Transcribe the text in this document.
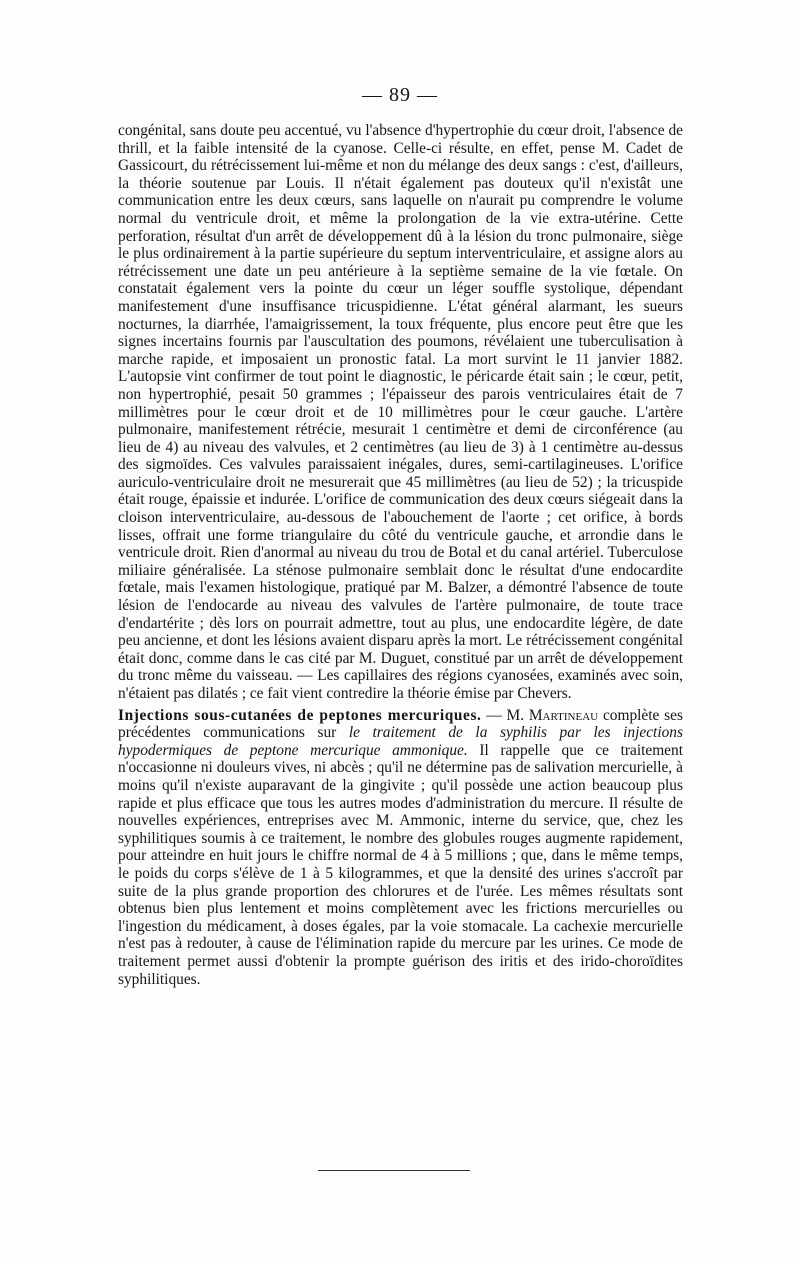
— 89 —

congénital, sans doute peu accentué, vu l'absence d'hypertrophie du cœur droit, l'absence de thrill, et la faible intensité de la cyanose. Celle-ci résulte, en effet, pense M. Cadet de Gassicourt, du rétrécissement lui-même et non du mélange des deux sangs : c'est, d'ailleurs, la théorie soutenue par Louis. Il n'était également pas douteux qu'il n'existât une communication entre les deux cœurs, sans laquelle on n'aurait pu comprendre le volume normal du ventricule droit, et même la prolongation de la vie extra-utérine. Cette perforation, résultat d'un arrêt de développement dû à la lésion du tronc pulmonaire, siège le plus ordinairement à la partie supérieure du septum interventriculaire, et assigne alors au rétrécissement une date un peu antérieure à la septième semaine de la vie fœtale. On constatait également vers la pointe du cœur un léger souffle systolique, dépendant manifestement d'une insuffisance tricuspidienne. L'état général alarmant, les sueurs nocturnes, la diarrhée, l'amaigrissement, la toux fréquente, plus encore peut être que les signes incertains fournis par l'auscultation des poumons, révélaient une tuberculisation à marche rapide, et imposaient un pronostic fatal. La mort survint le 11 janvier 1882. L'autopsie vint confirmer de tout point le diagnostic, le péricarde était sain ; le cœur, petit, non hypertrophié, pesait 50 grammes ; l'épaisseur des parois ventriculaires était de 7 millimètres pour le cœur droit et de 10 millimètres pour le cœur gauche. L'artère pulmonaire, manifestement rétrécie, mesurait 1 centimètre et demi de circonférence (au lieu de 4) au niveau des valvules, et 2 centimètres (au lieu de 3) à 1 centimètre au-dessus des sigmoïdes. Ces valvules paraissaient inégales, dures, semi-cartilagineuses. L'orifice auriculo-ventriculaire droit ne mesurerait que 45 millimètres (au lieu de 52) ; la tricuspide était rouge, épaissie et indurée. L'orifice de communication des deux cœurs siégeait dans la cloison interventriculaire, au-dessous de l'abouchement de l'aorte ; cet orifice, à bords lisses, offrait une forme triangulaire du côté du ventricule gauche, et arrondie dans le ventricule droit. Rien d'anormal au niveau du trou de Botal et du canal artériel. Tuberculose miliaire généralisée. La sténose pulmonaire semblait donc le résultat d'une endocardite fœtale, mais l'examen histologique, pratiqué par M. Balzer, a démontré l'absence de toute lésion de l'endocarde au niveau des valvules de l'artère pulmonaire, de toute trace d'endartérite ; dès lors on pourrait admettre, tout au plus, une endocardite légère, de date peu ancienne, et dont les lésions avaient disparu après la mort. Le rétrécissement congénital était donc, comme dans le cas cité par M. Duguet, constitué par un arrêt de développement du tronc même du vaisseau. — Les capillaires des régions cyanosées, examinés avec soin, n'étaient pas dilatés ; ce fait vient contredire la théorie émise par Chevers.

Injections sous-cutanées de peptones mercuriques. — M. Martineau complète ses précédentes communications sur le traitement de la syphilis par les injections hypodermiques de peptone mercurique ammonique. Il rappelle que ce traitement n'occasionne ni douleurs vives, ni abcès ; qu'il ne détermine pas de salivation mercurielle, à moins qu'il n'existe auparavant de la gingivite ; qu'il possède une action beaucoup plus rapide et plus efficace que tous les autres modes d'administration du mercure. Il résulte de nouvelles expériences, entreprises avec M. Ammonic, interne du service, que, chez les syphilitiques soumis à ce traitement, le nombre des globules rouges augmente rapidement, pour atteindre en huit jours le chiffre normal de 4 à 5 millions ; que, dans le même temps, le poids du corps s'élève de 1 à 5 kilogrammes, et que la densité des urines s'accroît par suite de la plus grande proportion des chlorures et de l'urée. Les mêmes résultats sont obtenus bien plus lentement et moins complètement avec les frictions mercurielles ou l'ingestion du médicament, à doses égales, par la voie stomacale. La cachexie mercurielle n'est pas à redouter, à cause de l'élimination rapide du mercure par les urines. Ce mode de traitement permet aussi d'obtenir la prompte guérison des iritis et des irido-choroïdites syphilitiques.
